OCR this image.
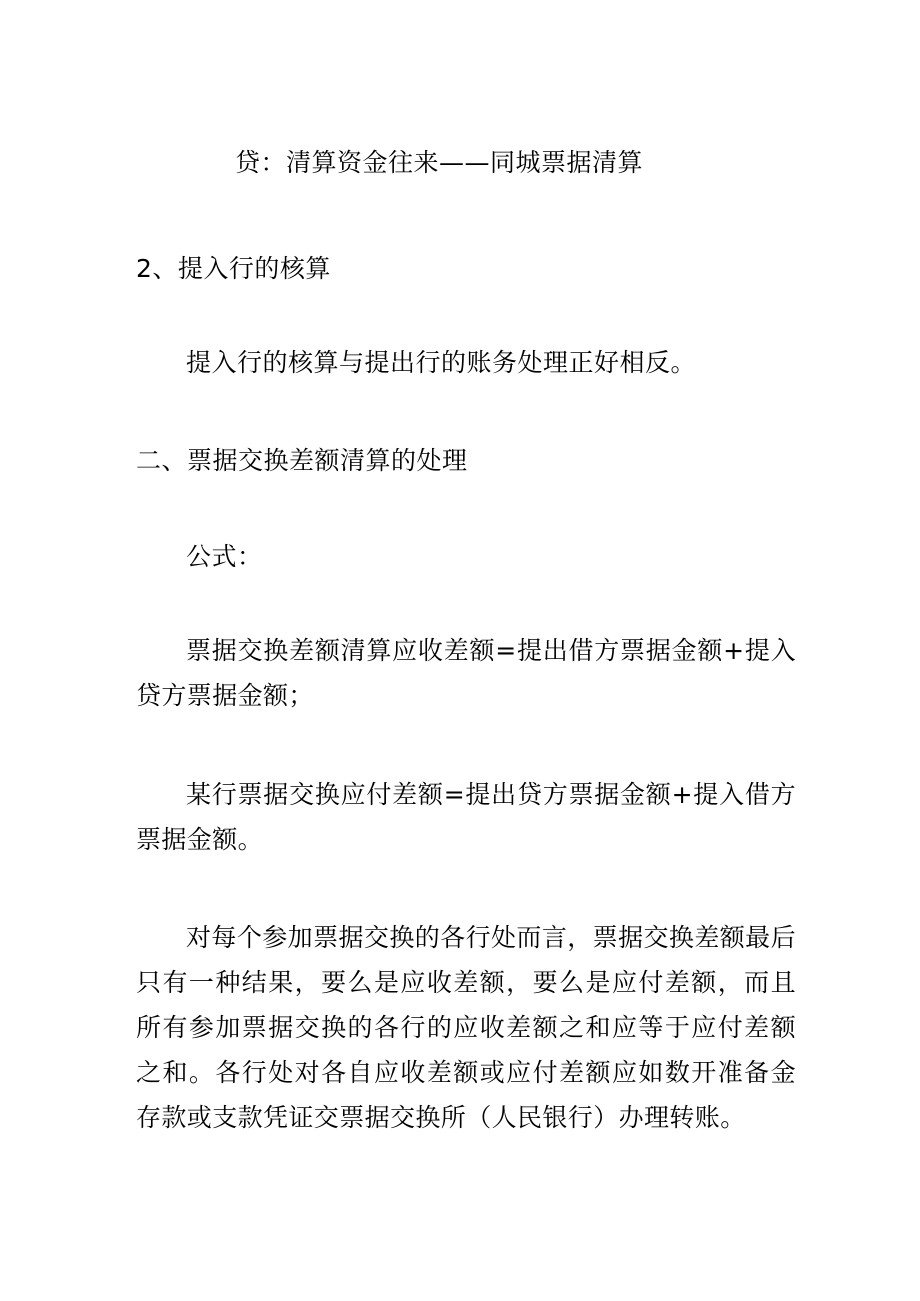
贷：清算资金往来——同城票据清算
2、提入行的核算
提入行的核算与提出行的账务处理正好相反。
二、票据交换差额清算的处理
公式：
票据交换差额清算应收差额=提出借方票据金额+提入贷方票据金额；
某行票据交换应付差额=提出贷方票据金额+提入借方票据金额。
对每个参加票据交换的各行处而言，票据交换差额最后只有一种结果，要么是应收差额，要么是应付差额，而且所有参加票据交换的各行的应收差额之和应等于应付差额之和。各行处对各自应收差额或应付差额应如数开准备金存款或支款凭证交票据交换所（人民银行）办理转账。
